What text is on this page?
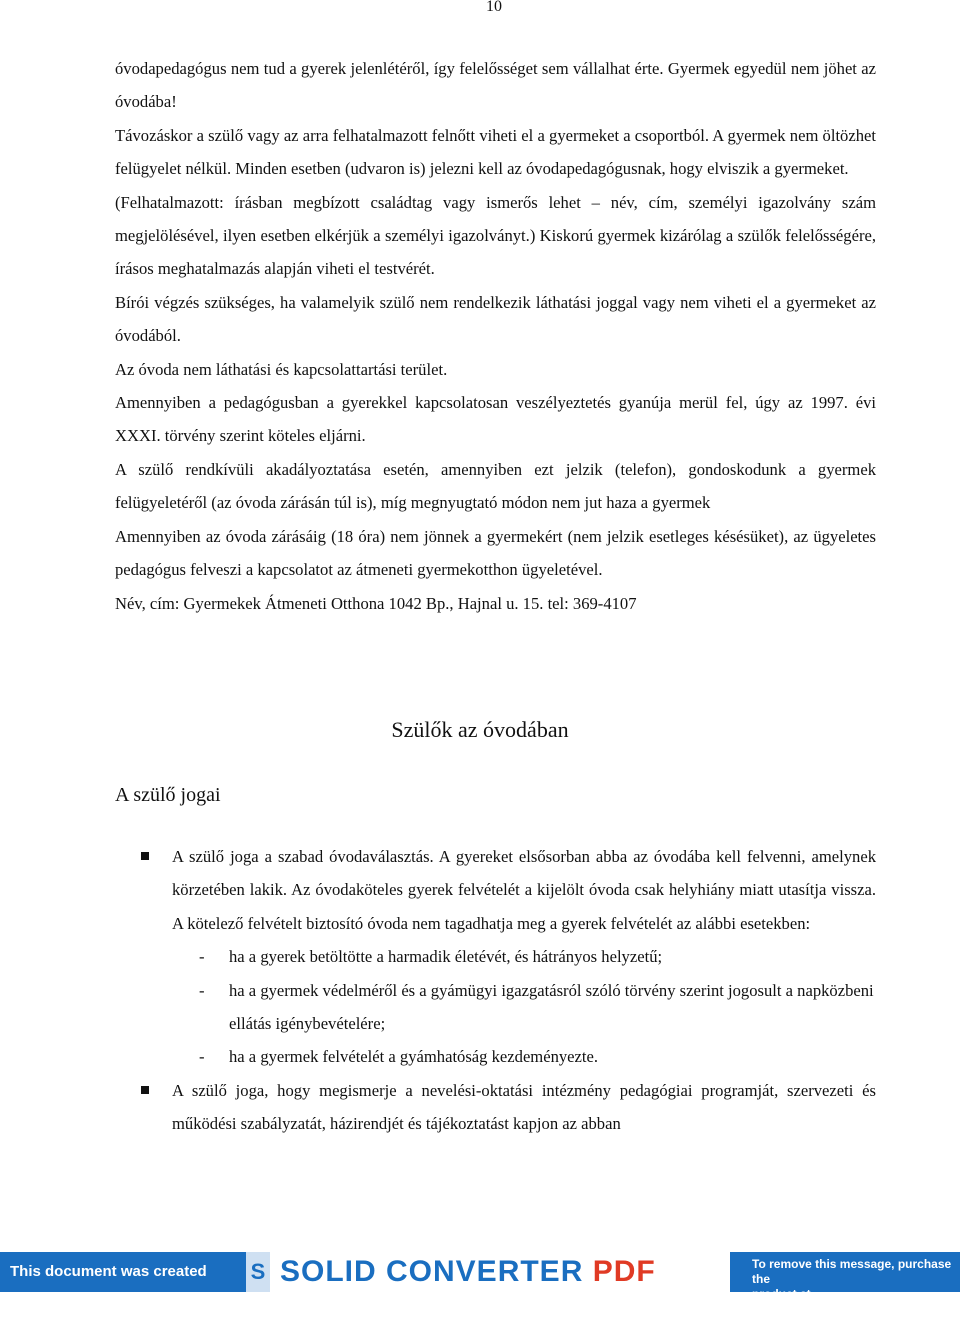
10

óvodapedagógus nem tud a gyerek jelenlétéről, így felelősséget sem vállalhat érte. Gyermek egyedül nem jöhet az óvodába!

Távozáskor a szülő vagy az arra felhatalmazott felnőtt viheti el a gyermeket a csoportból. A gyermek nem öltözhet felügyelet nélkül. Minden esetben (udvaron is) jelezni kell az óvodapedagógusnak, hogy elviszik a gyermeket.

(Felhatalmazott: írásban megbízott családtag vagy ismerős lehet – név, cím, személyi igazolvány szám megjelölésével, ilyen esetben elkérjük a személyi igazolványt.) Kiskorú gyermek kizárólag a szülők felelősségére, írásos meghatalmazás alapján viheti el testvérét.

Bírói végzés szükséges, ha valamelyik szülő nem rendelkezik láthatási joggal vagy nem viheti el a gyermeket az óvodából.

Az óvoda nem láthatási és kapcsolattartási terület.

Amennyiben a pedagógusban a gyerekkel kapcsolatosan veszélyeztetés gyanúja merül fel, úgy az 1997. évi XXXI. törvény szerint köteles eljárni.

A szülő rendkívüli akadályoztatása esetén, amennyiben ezt jelzik (telefon), gondoskodunk a gyermek felügyeletéről (az óvoda zárásán túl is), míg megnyugtató módon nem jut haza a gyermek

Amennyiben az óvoda zárásáig (18 óra) nem jönnek a gyermekért (nem jelzik esetleges késésüket), az ügyeletes pedagógus felveszi a kapcsolatot az átmeneti gyermekotthon ügyeletével.

Név, cím: Gyermekek Átmeneti Otthona 1042 Bp., Hajnal u. 15. tel: 369-4107

Szülők az óvodában
A szülő jogai
A szülő joga a szabad óvodaválasztás. A gyereket elsősorban abba az óvodába kell felvenni, amelynek körzetében lakik. Az óvodaköteles gyerek felvételét a kijelölt óvoda csak helyhiány miatt utasítja vissza. A kötelező felvételt biztosító óvoda nem tagadhatja meg a gyerek felvételét az alábbi esetekben:
- ha a gyerek betöltötte a harmadik életévét, és hátrányos helyzetű;
- ha a gyermek védelméről és a gyámügyi igazgatásról szóló törvény szerint jogosult a napközbeni ellátás igénybevételére;
- ha a gyermek felvételét a gyámhatóság kezdeményezte.
A szülő joga, hogy megismerje a nevelési-oktatási intézmény pedagógiai programját, szervezeti és működési szabályzatát, házirendjét és tájékoztatást kapjon az abban
This document was created using
S SOLID CONVERTER PDF	To remove this message, purchase the
product at www.SolidDocuments.com
